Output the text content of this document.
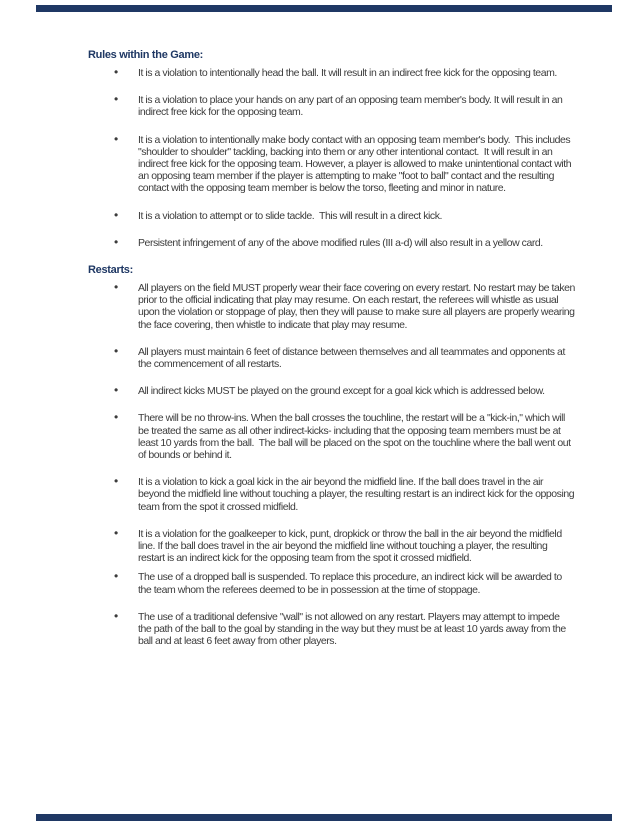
Rules within the Game:
• It is a violation to intentionally head the ball. It will result in an indirect free kick for the opposing team.
• It is a violation to place your hands on any part of an opposing team member's body. It will result in an indirect free kick for the opposing team.
• It is a violation to intentionally make body contact with an opposing team member's body.  This includes "shoulder to shoulder" tackling, backing into them or any other intentional contact.  It will result in an indirect free kick for the opposing team. However, a player is allowed to make unintentional contact with an opposing team member if the player is attempting to make "foot to ball" contact and the resulting contact with the opposing team member is below the torso, fleeting and minor in nature.
• It is a violation to attempt or to slide tackle.  This will result in a direct kick.
• Persistent infringement of any of the above modified rules (III a-d) will also result in a yellow card.
Restarts:
• All players on the field MUST properly wear their face covering on every restart. No restart may be taken prior to the official indicating that play may resume. On each restart, the referees will whistle as usual upon the violation or stoppage of play, then they will pause to make sure all players are properly wearing the face covering, then whistle to indicate that play may resume.
• All players must maintain 6 feet of distance between themselves and all teammates and opponents at the commencement of all restarts.
• All indirect kicks MUST be played on the ground except for a goal kick which is addressed below.
• There will be no throw-ins. When the ball crosses the touchline, the restart will be a "kick-in," which will be treated the same as all other indirect-kicks- including that the opposing team members must be at least 10 yards from the ball.  The ball will be placed on the spot on the touchline where the ball went out of bounds or behind it.
• It is a violation to kick a goal kick in the air beyond the midfield line. If the ball does travel in the air beyond the midfield line without touching a player, the resulting restart is an indirect kick for the opposing team from the spot it crossed midfield.
• It is a violation for the goalkeeper to kick, punt, dropkick or throw the ball in the air beyond the midfield line. If the ball does travel in the air beyond the midfield line without touching a player, the resulting restart is an indirect kick for the opposing team from the spot it crossed midfield.
• The use of a dropped ball is suspended. To replace this procedure, an indirect kick will be awarded to the team whom the referees deemed to be in possession at the time of stoppage.
• The use of a traditional defensive "wall" is not allowed on any restart. Players may attempt to impede the path of the ball to the goal by standing in the way but they must be at least 10 yards away from the ball and at least 6 feet away from other players.
